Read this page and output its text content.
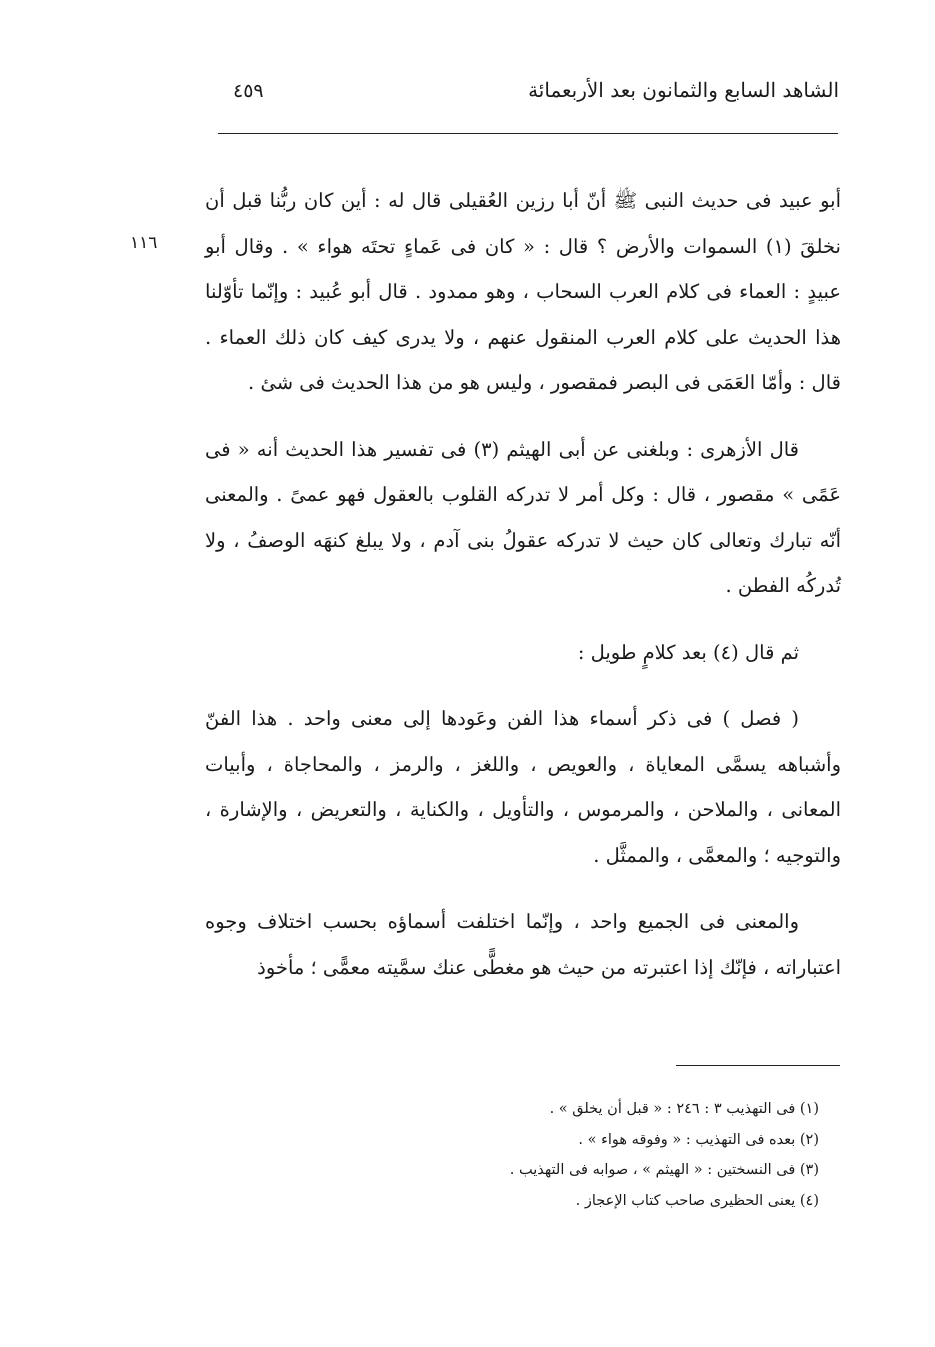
الشاهد السابع والثمانون بعد الأربعمائة
٤٥٩
١١٦

أبو عبيد فى حديث النبى ﷺ أنّ أبا رزين العُقيلى قال له : أين كان ربُّنا قبل أن نخلقَ (١) السموات والأرض ؟ قال : « كان فى عَماءٍ تحتَه هواء » . وقال أبو عبيدٍ : العماء فى كلام العرب السحاب ، وهو ممدود . قال أبو عُبيد : وإنّما تأوّلنا هذا الحديث على كلام العرب المنقول عنهم ، ولا يدرى كيف كان ذلك العماء . قال : وأمّا العَمَى فى البصر فمقصور ، وليس هو من هذا الحديث فى شئ .

قال الأزهرى : وبلغنى عن أبى الهيثم (٣) فى تفسير هذا الحديث أنه « فى عَمًى » مقصور ، قال : وكل أمر لا تدركه القلوب بالعقول فهو عمىً . والمعنى أنّه تبارك وتعالى كان حيث لا تدركه عقولُ بنى آدم ، ولا يبلغ كنهَه الوصفُ ، ولا تُدركُه الفطن .

ثم قال (٤) بعد كلامٍ طويل :

( فصل ) فى ذكر أسماء هذا الفن وعَودها إلى معنى واحد . هذا الفنّ وأشباهه يسمَّى المعاياة ، والعويص ، واللغز ، والرمز ، والمحاجاة ، وأبيات المعانى ، والملاحن ، والمرموس ، والتأويل ، والكناية ، والتعريض ، والإشارة ، والتوجيه ؛ والمعمَّى ، والممثَّل .

والمعنى فى الجميع واحد ، وإنّما اختلفت أسماؤه بحسب اختلاف وجوه اعتباراته ، فإنّك إذا اعتبرته من حيث هو مغطًّى عنك سمَّيته معمًّى ؛ مأخوذ

(١) فى التهذيب ٣ : ٢٤٦ : « قبل أن يخلق » .
(٢) بعده فى التهذيب : « وفوقه هواء » .
(٣) فى النسختين : « الهيثم » ، صوابه فى التهذيب .
(٤) يعنى الحظيرى صاحب كتاب الإعجاز .
